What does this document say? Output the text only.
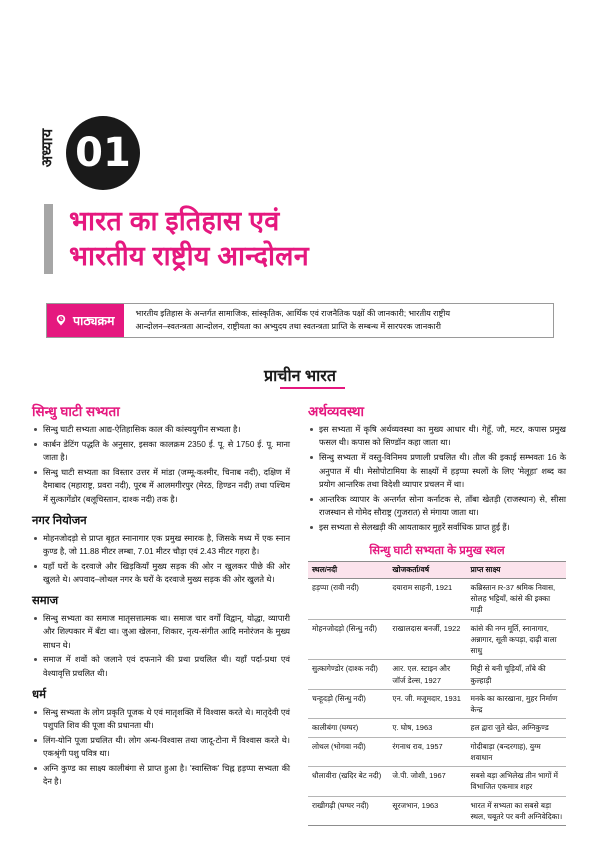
अध्याय 01
भारत का इतिहास एवं
भारतीय राष्ट्रीय आन्दोलन
पाठ्यक्रम
भारतीय इतिहास के अन्तर्गत सामाजिक, सांस्कृतिक, आर्थिक एवं राजनैतिक पक्षों की जानकारी; भारतीय राष्ट्रीय
आन्दोलन–स्वतन्त्रता आन्दोलन, राष्ट्रीयता का अभ्युदय तथा स्वतन्त्रता प्राप्ति के सम्बन्ध में सारपरक जानकारी
प्राचीन भारत
सिन्धु घाटी सभ्यता
सिन्धु घाटी सभ्यता आद्य-ऐतिहासिक काल की कांस्ययुगीन सभ्यता है।
कार्बन डेटिंग पद्धति के अनुसार, इसका कालक्रम 2350 ई. पू. से 1750 ई. पू. माना जाता है।
सिन्धु घाटी सभ्यता का विस्तार उत्तर में मांडा (जम्मू-कश्मीर, चिनाब नदी), दक्षिण में दैमाबाद (महाराष्ट्र, प्रवरा नदी), पूरब में आलमगीरपुर (मेरठ, हिण्डन नदी) तथा पश्चिम में सुत्कागेंडोर (बलूचिस्तान, दाश्क नदी) तक है।
नगर नियोजन
मोहनजोदड़ो से प्राप्त बृहत स्नानागार एक प्रमुख स्मारक है, जिसके मध्य में एक स्नान कुण्ड है, जो 11.88 मीटर लम्बा, 7.01 मीटर चौड़ा एवं 2.43 मीटर गहरा है।
यहाँ घरों के दरवाजे और खिड़कियाँ मुख्य सड़क की ओर न खुलकर पीछे की ओर खुलते थे। अपवाद–लोथल नगर के घरों के दरवाजे मुख्य सड़क की ओर खुलते थे।
समाज
सिन्धु सभ्यता का समाज मातृसत्तात्मक था। समाज चार वर्गों विद्वान्, योद्धा, व्यापारी और शिल्पकार में बँटा था। जुआ खेलना, शिकार, नृत्य-संगीत आदि मनोरंजन के मुख्य साधन थे।
समाज में शवों को जलाने एवं दफनाने की प्रथा प्रचलित थी। यहाँ पर्दा-प्रथा एवं वेश्यावृत्ति प्रचलित थी।
धर्म
सिन्धु सभ्यता के लोग प्रकृति पूजक थे एवं मातृशक्ति में विश्वास करते थे। मातृदेवी एवं पशुपति शिव की पूजा की प्रधानता थी।
लिंग-योनि पूजा प्रचलित थी। लोग अन्ध-विश्वास तथा जादू-टोना में विश्वास करते थे। एकश्रृंगी पशु पवित्र था।
अग्नि कुण्ड का साक्ष्य कालीबंगा से प्राप्त हुआ है। 'स्वास्तिक' चिह्न हड़प्पा सभ्यता की देन है।
अर्थव्यवस्था
इस सभ्यता में कृषि अर्थव्यवस्था का मुख्य आधार थी। गेहूँ, जौ, मटर, कपास प्रमुख फसल थी। कपास को सिण्डॉन कहा जाता था।
सिन्धु सभ्यता में वस्तु-विनिमय प्रणाली प्रचलित थी। तौल की इकाई सम्भवतः 16 के अनुपात में थी। मेसोपोटामिया के साक्ष्यों में हड़प्पा स्थलों के लिए 'मेलूहा' शब्द का प्रयोग आन्तरिक तथा विदेशी व्यापार प्रचलन में था।
आन्तरिक व्यापार के अन्तर्गत सोना कर्नाटक से, ताँबा खेतड़ी (राजस्थान) से, सीसा राजस्थान से गोमेद सौराष्ट्र (गुजरात) से मंगाया जाता था।
इस सभ्यता से सेलखड़ी की आयताकार मुहरें सर्वाधिक प्राप्त हुई हैं।
सिन्धु घाटी सभ्यता के प्रमुख स्थल
स्थल/नदी	खोजकर्ता/वर्ष	प्राप्त साक्ष्य
हड़प्पा (रावी नदी)	दयाराम साहनी, 1921	कब्रिस्तान R-37 श्रमिक निवास, सोलह भट्टियाँ, कांसे की इक्का गाड़ी
मोहनजोदड़ो (सिन्धु नदी)	राखालदास बनर्जी, 1922	कांसे की नग्न मूर्ति, स्नानागार, अन्नागार, सूती कपड़ा, दाढ़ी वाला साधु
सुत्कागेण्डोर (दाश्क नदी)	आर. एल. स्टाइन और जॉर्ज डेल्स, 1927	मिट्टी से बनी चूड़ियाँ, ताँबे की कुल्हाड़ी
चन्हूदड़ो (सिन्धु नदी)	एन. जी. मजूमदार, 1931	मनके का कारखाना, मुहर निर्माण केन्द्र
कालीबंगा (घग्घर)	ए. घोष, 1963	हल द्वारा जुते खेत, अग्निकुण्ड
लोथल (भोगवा नदी)	रंगनाथ राव, 1957	गोदीबाड़ा (बन्दरगाह), युग्म शवाधान
धौलावीरा (खदिर बेट नदी)	जे.पी. जोशी, 1967	सबसे बड़ा अभिलेख तीन भागों में विभाजित एकमात्र शहर
राखीगढ़ी (घग्घर नदी)	सूरजभान, 1963	भारत में सभ्यता का सबसे बड़ा स्थल, चबूतरे पर बनी अग्निवेदिका।
